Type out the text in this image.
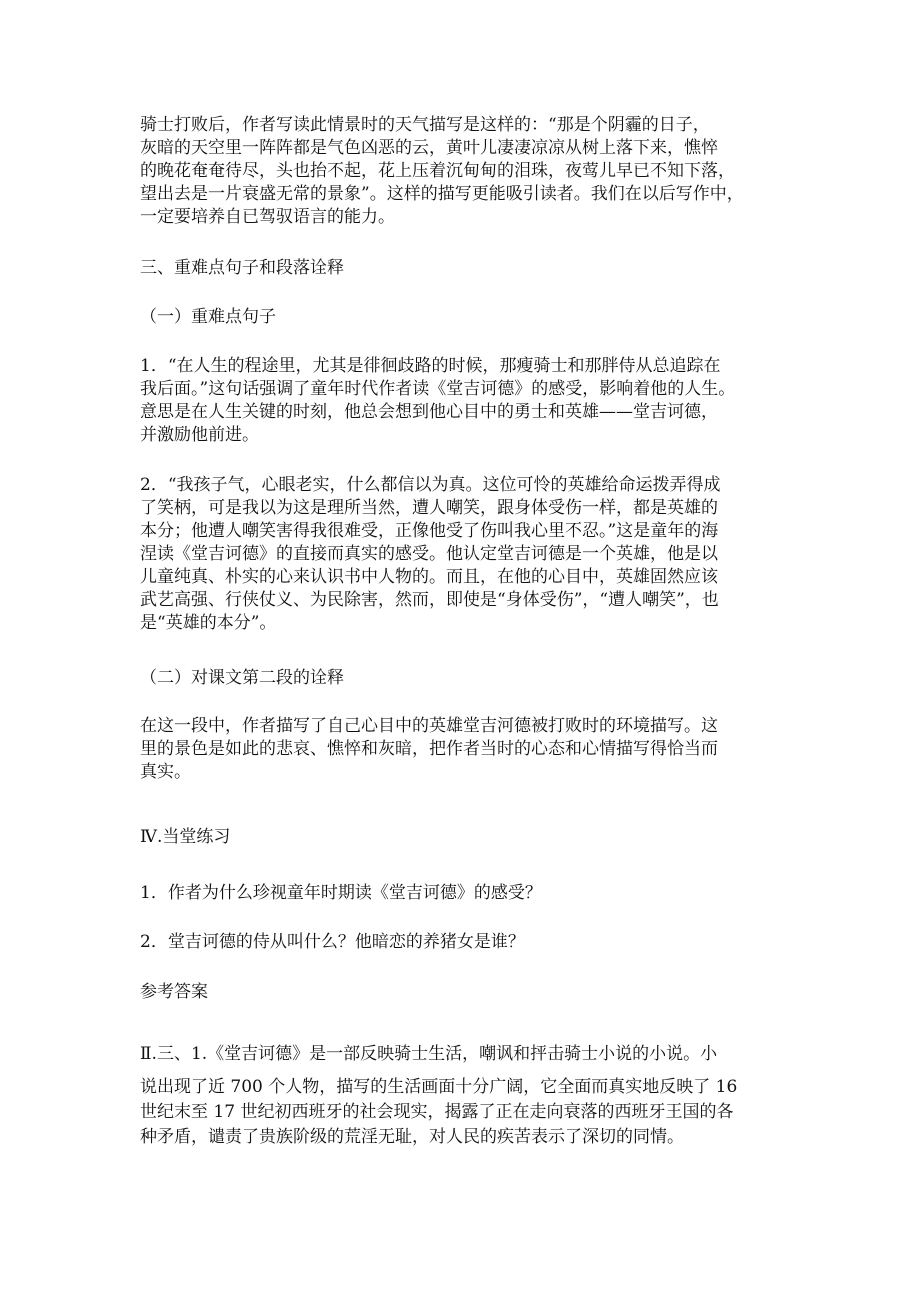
骑士打败后，作者写读此情景时的天气描写是这样的：“那是个阴霾的日子，
灰暗的天空里一阵阵都是气色凶恶的云，黄叶儿凄凄凉凉从树上落下来，憔悴
的晚花奄奄待尽，头也抬不起，花上压着沉甸甸的泪珠，夜莺儿早已不知下落，
望出去是一片衰盛无常的景象”。这样的描写更能吸引读者。我们在以后写作中，
一定要培养自已驾驭语言的能力。
三、重难点句子和段落诠释
（一）重难点句子
1．“在人生的程途里，尤其是徘徊歧路的时候，那瘦骑士和那胖侍从总追踪在
我后面。”这句话强调了童年时代作者读《堂吉诃德》的感受，影响着他的人生。
意思是在人生关键的时刻，他总会想到他心目中的勇士和英雄——堂吉诃德，
并激励他前进。
2．“我孩子气，心眼老实，什么都信以为真。这位可怜的英雄给命运拨弄得成
了笑柄，可是我以为这是理所当然，遭人嘲笑，跟身体受伤一样，都是英雄的
本分；他遭人嘲笑害得我很难受，正像他受了伤叫我心里不忍。”这是童年的海
涅读《堂吉诃德》的直接而真实的感受。他认定堂吉诃德是一个英雄，他是以
儿童纯真、朴实的心来认识书中人物的。而且，在他的心目中，英雄固然应该
武艺高强、行侠仗义、为民除害，然而，即使是“身体受伤”，“遭人嘲笑”，也
是“英雄的本分”。
（二）对课文第二段的诠释
在这一段中，作者描写了自己心目中的英雄堂吉河德被打败时的环境描写。这
里的景色是如此的悲哀、憔悴和灰暗，把作者当时的心态和心情描写得恰当而
真实。
Ⅳ.当堂练习
1．作者为什么珍视童年时期读《堂吉诃德》的感受？
2．堂吉诃德的侍从叫什么？他暗恋的养猪女是谁？
参考答案
Ⅱ.三、1.《堂吉诃德》是一部反映骑士生活，嘲讽和抨击骑士小说的小说。小
说出现了近 700 个人物，描写的生活画面十分广阔，它全面而真实地反映了 16
世纪末至 17 世纪初西班牙的社会现实，揭露了正在走向衰落的西班牙王国的各
种矛盾，谴责了贵族阶级的荒淫无耻，对人民的疾苦表示了深切的同情。
